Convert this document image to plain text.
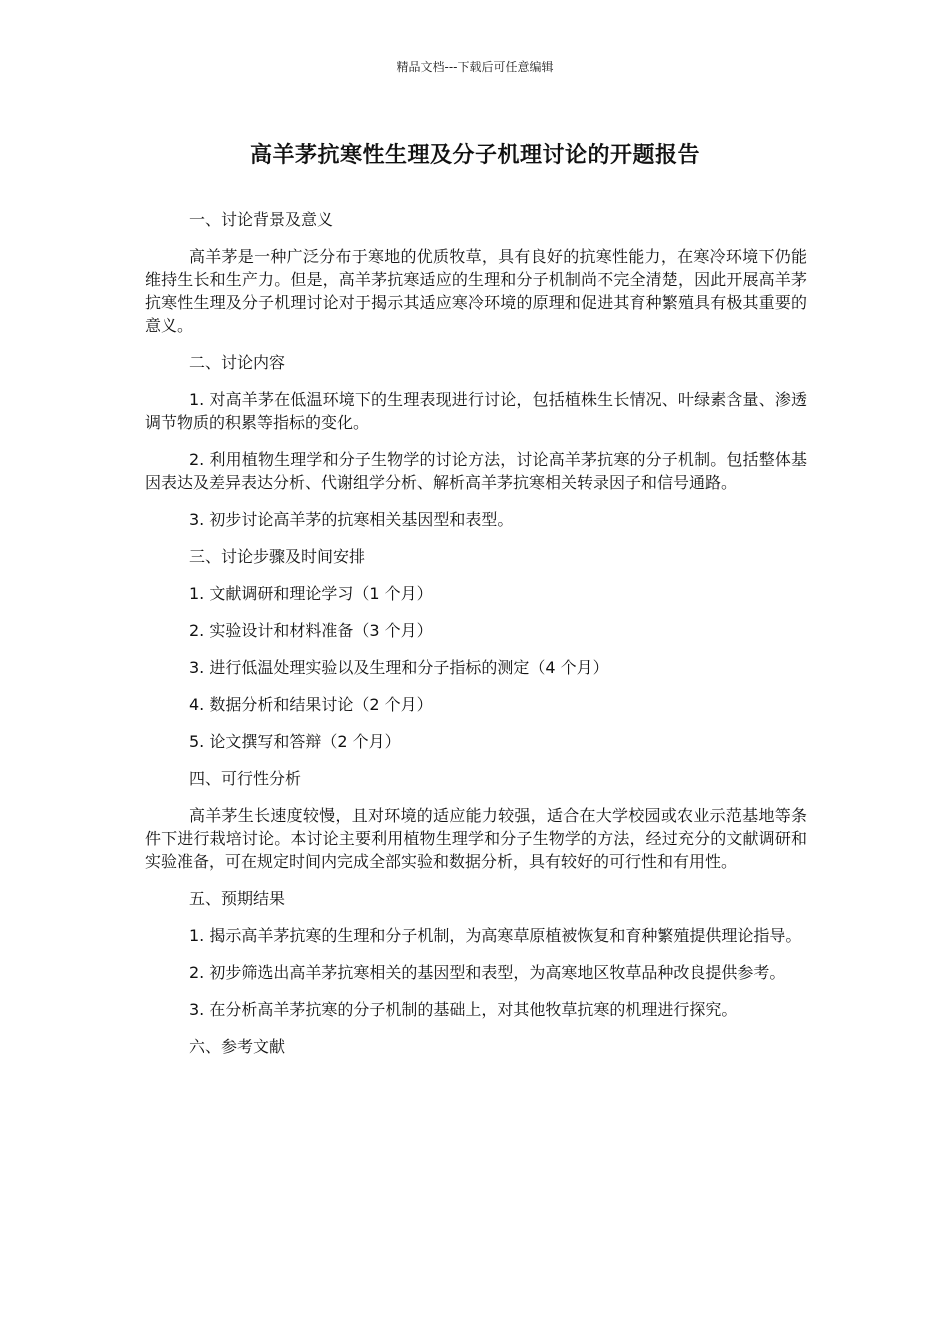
精品文档---下载后可任意编辑
高羊茅抗寒性生理及分子机理讨论的开题报告

一、讨论背景及意义

高羊茅是一种广泛分布于寒地的优质牧草，具有良好的抗寒性能力，在寒冷环境下仍能维持生长和生产力。但是，高羊茅抗寒适应的生理和分子机制尚不完全清楚，因此开展高羊茅抗寒性生理及分子机理讨论对于揭示其适应寒冷环境的原理和促进其育种繁殖具有极其重要的意义。

二、讨论内容

1. 对高羊茅在低温环境下的生理表现进行讨论，包括植株生长情况、叶绿素含量、渗透调节物质的积累等指标的变化。

2. 利用植物生理学和分子生物学的讨论方法，讨论高羊茅抗寒的分子机制。包括整体基因表达及差异表达分析、代谢组学分析、解析高羊茅抗寒相关转录因子和信号通路。

3. 初步讨论高羊茅的抗寒相关基因型和表型。

三、讨论步骤及时间安排

1. 文献调研和理论学习（1 个月）

2. 实验设计和材料准备（3 个月）

3. 进行低温处理实验以及生理和分子指标的测定（4 个月）

4. 数据分析和结果讨论（2 个月）

5. 论文撰写和答辩（2 个月）

四、可行性分析

高羊茅生长速度较慢，且对环境的适应能力较强，适合在大学校园或农业示范基地等条件下进行栽培讨论。本讨论主要利用植物生理学和分子生物学的方法，经过充分的文献调研和实验准备，可在规定时间内完成全部实验和数据分析，具有较好的可行性和有用性。

五、预期结果

1. 揭示高羊茅抗寒的生理和分子机制，为高寒草原植被恢复和育种繁殖提供理论指导。

2. 初步筛选出高羊茅抗寒相关的基因型和表型，为高寒地区牧草品种改良提供参考。

3. 在分析高羊茅抗寒的分子机制的基础上，对其他牧草抗寒的机理进行探究。

六、参考文献
